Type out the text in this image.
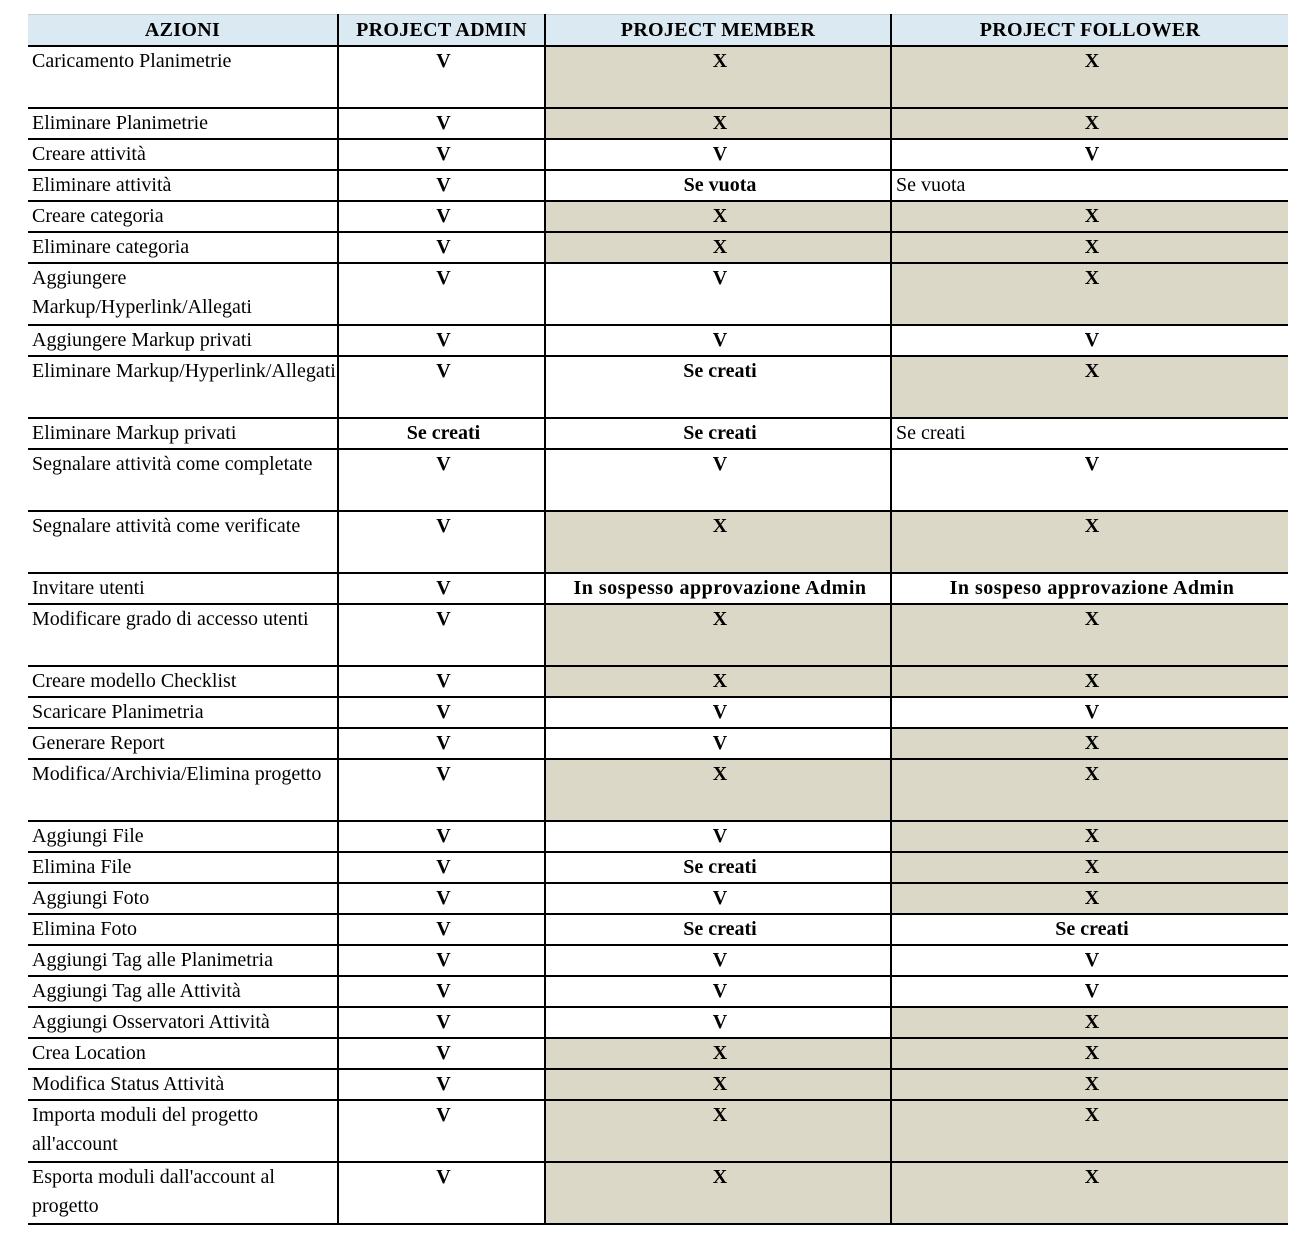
AZIONI	PROJECT ADMIN	PROJECT MEMBER	PROJECT FOLLOWER
Caricamento Planimetrie	V	X	X
Eliminare Planimetrie	V	X	X
Creare attività	V	V	V
Eliminare attività	V	Se vuota	Se vuota
Creare categoria	V	X	X
Eliminare categoria	V	X	X
Aggiungere Markup/Hyperlink/Allegati	V	V	X
Aggiungere Markup privati	V	V	V
Eliminare Markup/Hyperlink/Allegati	V	Se creati	X
Eliminare Markup privati	Se creati	Se creati	Se creati
Segnalare attività come completate	V	V	V
Segnalare attività come verificate	V	X	X
Invitare utenti	V	In sospesso approvazione Admin	In sospeso approvazione Admin
Modificare grado di accesso utenti	V	X	X
Creare modello Checklist	V	X	X
Scaricare Planimetria	V	V	V
Generare Report	V	V	X
Modifica/Archivia/Elimina progetto	V	X	X
Aggiungi File	V	V	X
Elimina File	V	Se creati	X
Aggiungi Foto	V	V	X
Elimina Foto	V	Se creati	Se creati
Aggiungi Tag alle Planimetria	V	V	V
Aggiungi Tag alle Attività	V	V	V
Aggiungi Osservatori Attività	V	V	X
Crea Location	V	X	X
Modifica Status Attività	V	X	X
Importa moduli del progetto all'account	V	X	X
Esporta moduli dall'account al progetto	V	X	X
